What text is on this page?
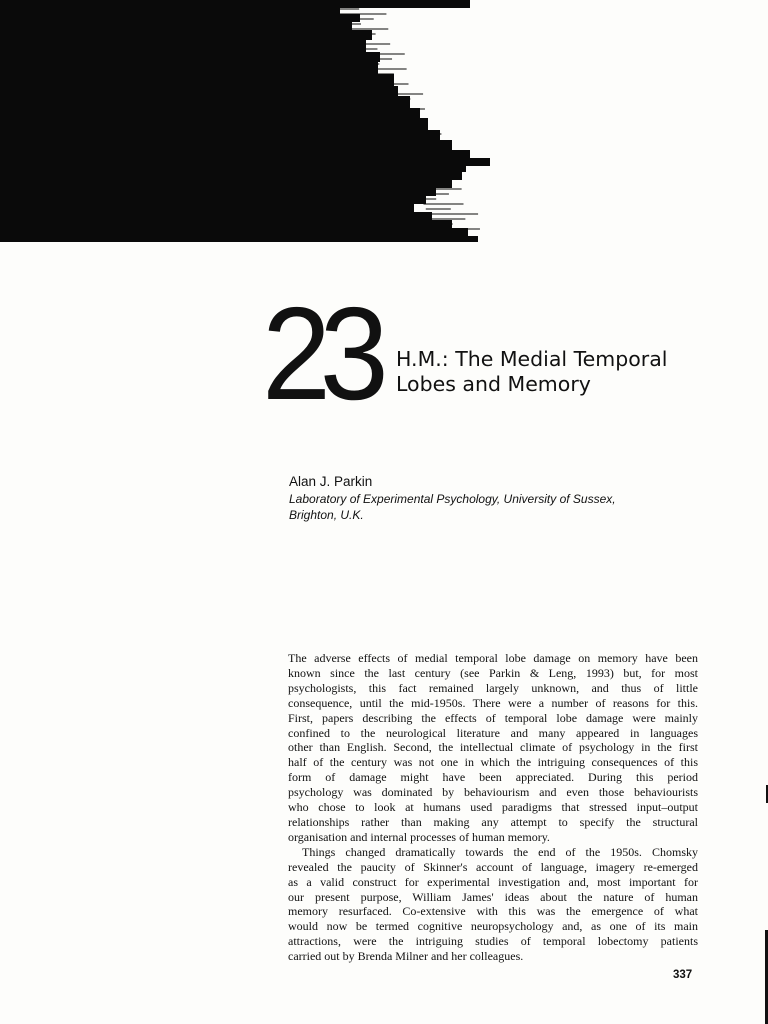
23 H.M.: The Medial Temporal
Lobes and Memory
Alan J. Parkin
Laboratory of Experimental Psychology, University of Sussex,
Brighton, U.K.
The adverse effects of medial temporal lobe damage on memory have been
known since the last century (see Parkin & Leng, 1993) but, for most
psychologists, this fact remained largely unknown, and thus of little
consequence, until the mid-1950s. There were a number of reasons for this.
First, papers describing the effects of temporal lobe damage were mainly
confined to the neurological literature and many appeared in languages
other than English. Second, the intellectual climate of psychology in the first
half of the century was not one in which the intriguing consequences of this
form of damage might have been appreciated. During this period
psychology was dominated by behaviourism and even those behaviourists
who chose to look at humans used paradigms that stressed input–output
relationships rather than making any attempt to specify the structural
organisation and internal processes of human memory.
Things changed dramatically towards the end of the 1950s. Chomsky
revealed the paucity of Skinner's account of language, imagery re-emerged
as a valid construct for experimental investigation and, most important for
our present purpose, William James' ideas about the nature of human
memory resurfaced. Co-extensive with this was the emergence of what
would now be termed cognitive neuropsychology and, as one of its main
attractions, were the intriguing studies of temporal lobectomy patients
carried out by Brenda Milner and her colleagues.
337
